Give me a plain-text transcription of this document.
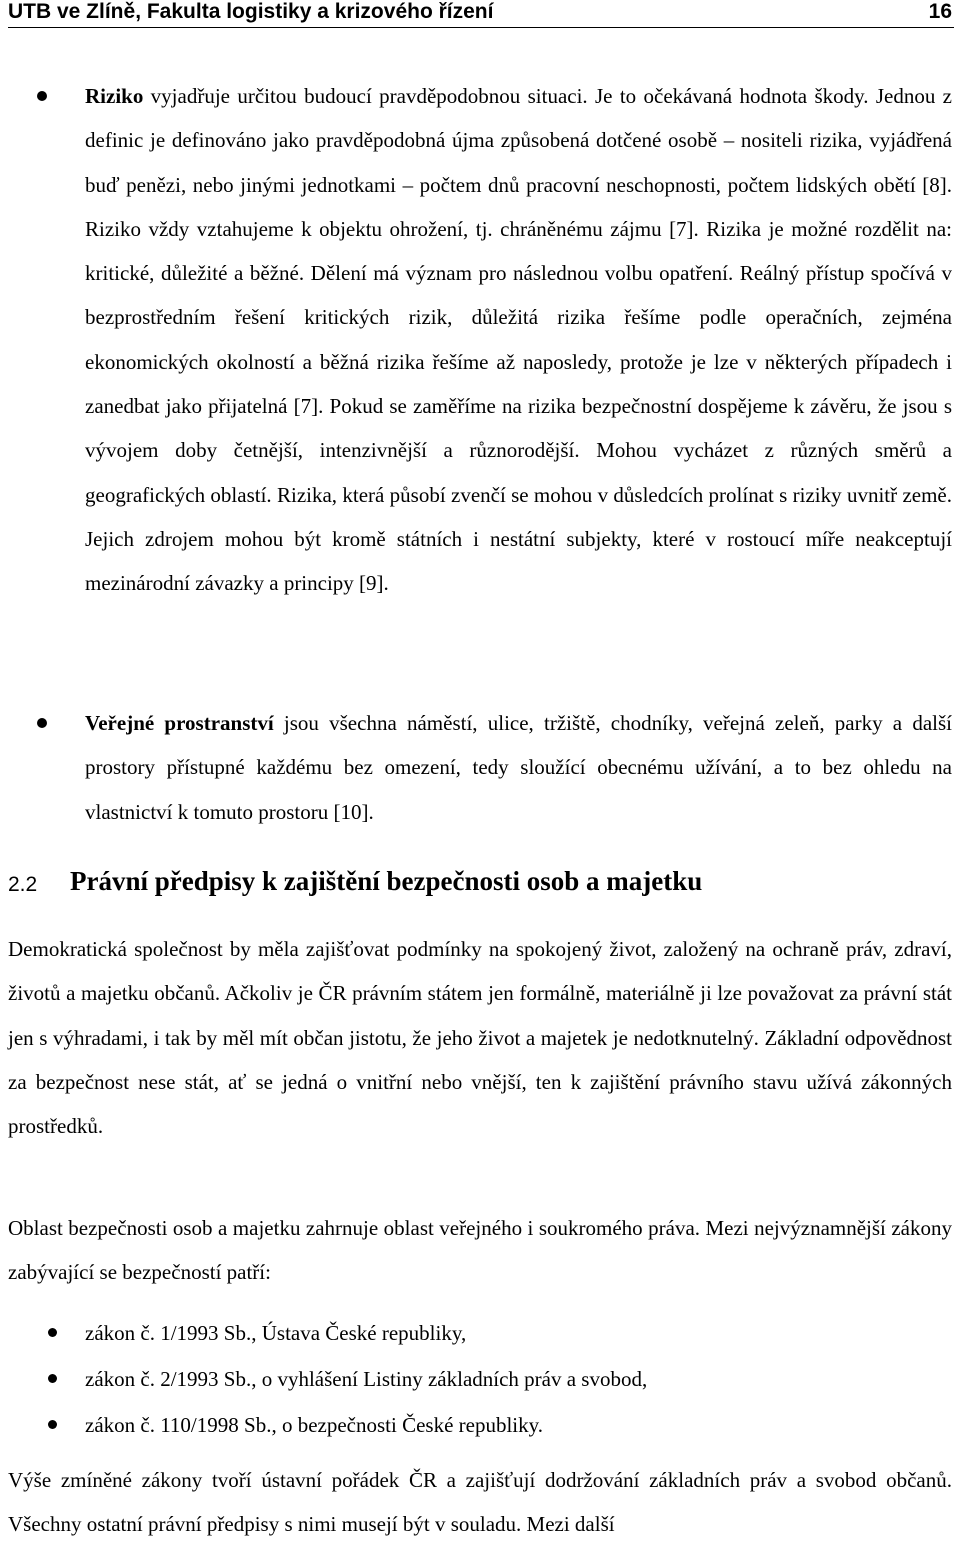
UTB ve Zlíně, Fakulta logistiky a krizového řízení	16
Riziko vyjadřuje určitou budoucí pravděpodobnou situaci. Je to očekávaná hodnota škody. Jednou z definic je definováno jako pravděpodobná újma způsobená dotčené osobě – nositeli rizika, vyjádřená buď penězi, nebo jinými jednotkami – počtem dnů pracovní neschopnosti, počtem lidských obětí [8]. Riziko vždy vztahujeme k objektu ohrožení, tj. chráněnému zájmu [7]. Rizika je možné rozdělit na: kritické, důležité a běžné. Dělení má význam pro následnou volbu opatření. Reálný přístup spočívá v bezprostředním řešení kritických rizik, důležitá rizika řešíme podle operačních, zejména ekonomických okolností a běžná rizika řešíme až naposledy, protože je lze v některých případech i zanedbat jako přijatelná [7]. Pokud se zaměříme na rizika bezpečnostní dospějeme k závěru, že jsou s vývojem doby četnější, intenzivnější a různorodější. Mohou vycházet z různých směrů a geografických oblastí. Rizika, která působí zvenčí se mohou v důsledcích prolínat s riziky uvnitř země. Jejich zdrojem mohou být kromě státních i nestátní subjekty, které v rostoucí míře neakceptují mezinárodní závazky a principy [9].
Veřejné prostranství jsou všechna náměstí, ulice, tržiště, chodníky, veřejná zeleň, parky a další prostory přístupné každému bez omezení, tedy sloužící obecnému užívání, a to bez ohledu na vlastnictví k tomuto prostoru [10].
2.2 Právní předpisy k zajištění bezpečnosti osob a majetku
Demokratická společnost by měla zajišťovat podmínky na spokojený život, založený na ochraně práv, zdraví, životů a majetku občanů. Ačkoliv je ČR právním státem jen formálně, materiálně ji lze považovat za právní stát jen s výhradami, i tak by měl mít občan jistotu, že jeho život a majetek je nedotknutelný. Základní odpovědnost za bezpečnost nese stát, ať se jedná o vnitřní nebo vnější, ten k zajištění právního stavu užívá zákonných prostředků.
Oblast bezpečnosti osob a majetku zahrnuje oblast veřejného i soukromého práva. Mezi nejvýznamnější zákony zabývající se bezpečností patří:
zákon č. 1/1993 Sb., Ústava České republiky,
zákon č. 2/1993 Sb., o vyhlášení Listiny základních práv a svobod,
zákon č. 110/1998 Sb., o bezpečnosti České republiky.
Výše zmíněné zákony tvoří ústavní pořádek ČR a zajišťují dodržování základních práv a svobod občanů. Všechny ostatní právní předpisy s nimi musejí být v souladu. Mezi další
